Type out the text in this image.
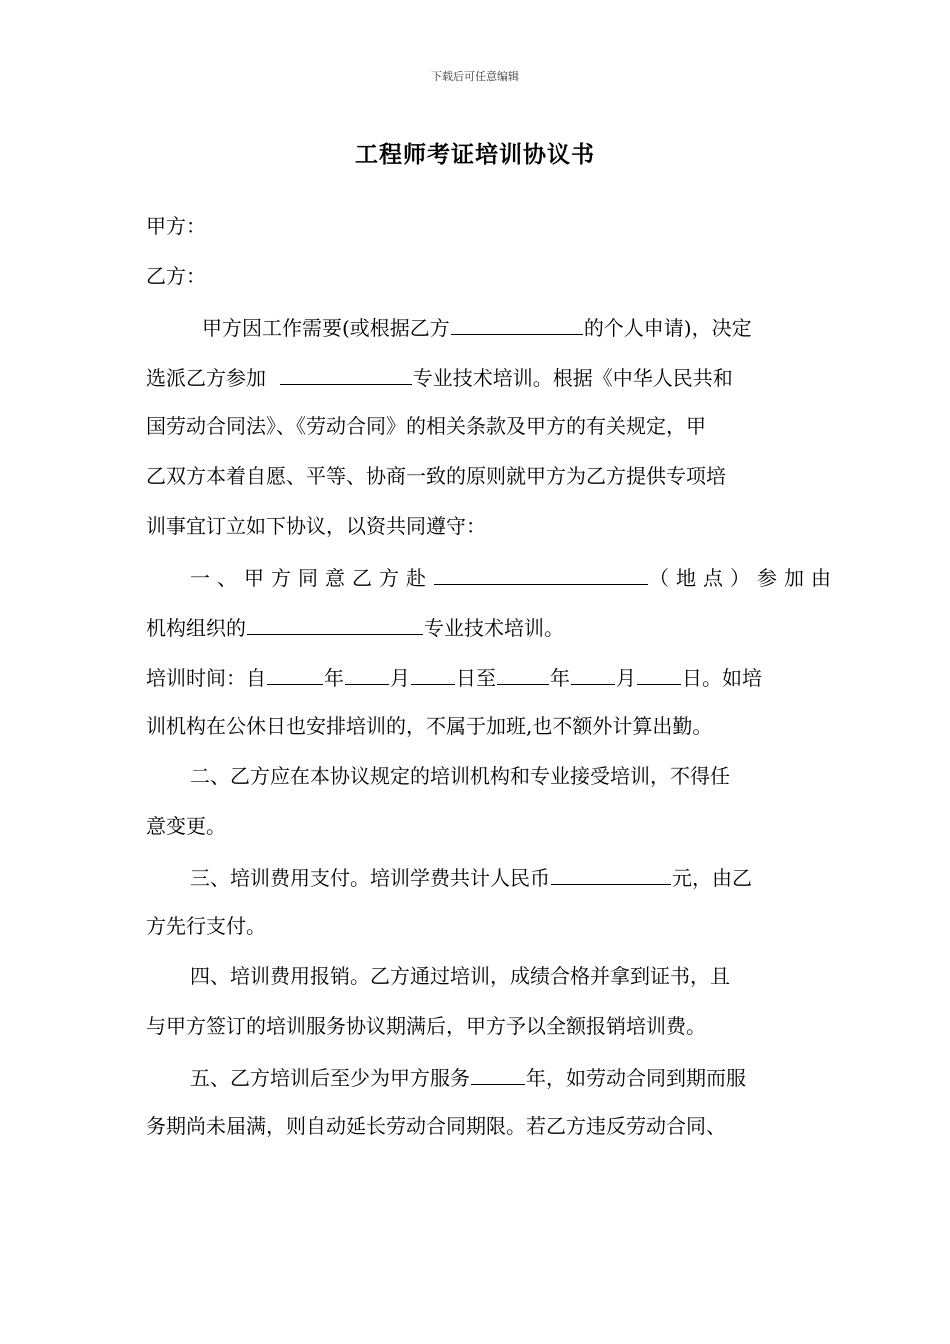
下载后可任意编辑
工程师考证培训协议书
甲方：
乙方：
甲方因工作需要(或根据乙方	的个人申请)，决定
选派乙方参加	专业技术培训。根据《中华人民共和
国劳动合同法》、《劳动合同》的相关条款及甲方的有关规定，甲
乙双方本着自愿、平等、协商一致的原则就甲方为乙方提供专项培
训事宜订立如下协议，以资共同遵守：
一、甲方同意乙方赴	（地点）参加由
机构组织的	专业技术培训。
培训时间：自	年 月 日至	年 月 日。如培
训机构在公休日也安排培训的，不属于加班,也不额外计算出勤。
二、乙方应在本协议规定的培训机构和专业接受培训，不得任
意变更。
三、培训费用支付。培训学费共计人民币	元，由乙
方先行支付。
四、培训费用报销。乙方通过培训，成绩合格并拿到证书，且
与甲方签订的培训服务协议期满后，甲方予以全额报销培训费。
五、乙方培训后至少为甲方服务	年，如劳动合同到期而服
务期尚未届满，则自动延长劳动合同期限。若乙方违反劳动合同、
